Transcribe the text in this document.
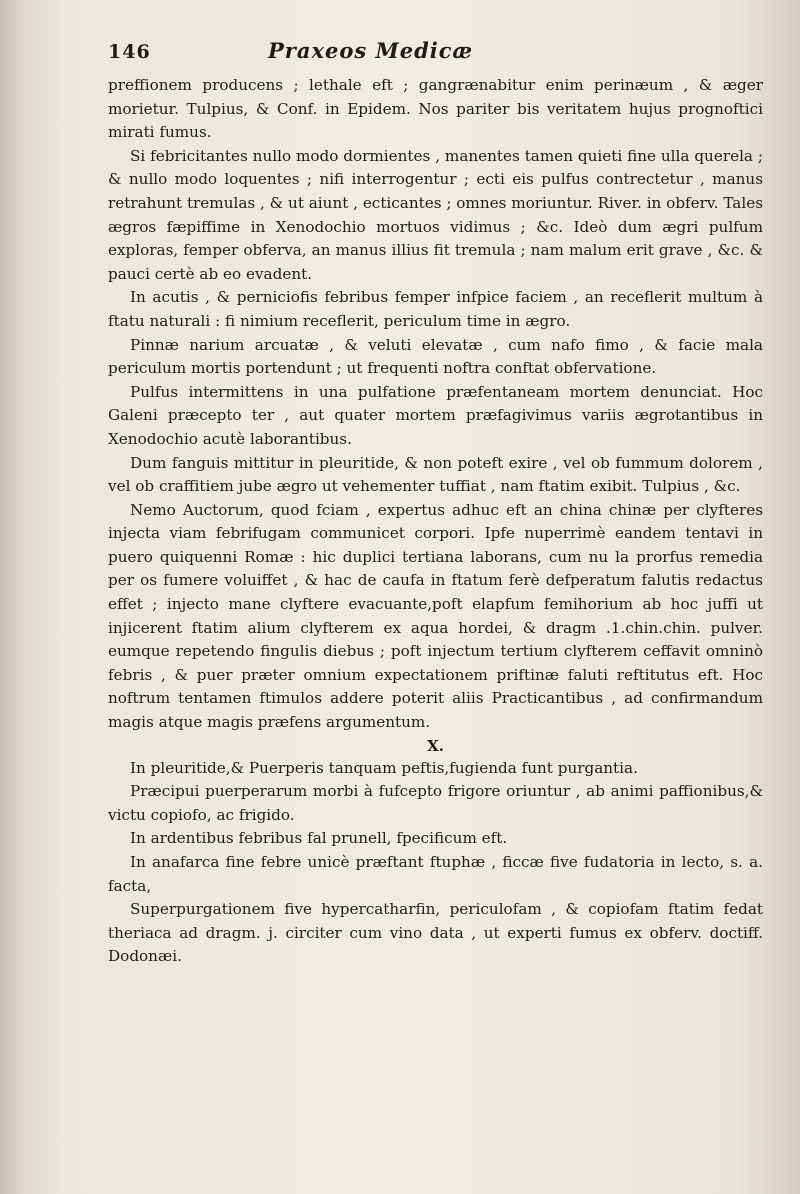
146	Praxeos Medicæ

preffionem producens ; lethale eft ; gangrænabitur enim perinæum , & æger morietur. Tulpius, & Conf. in Epidem. Nos pariter bis veritatem hujus prognoftici mirati fumus.

Si febricitantes nullo modo dormientes , manentes tamen quieti fine ulla querela ; & nullo modo loquentes ; nifi interrogentur ; ecti eis pulfus contrectetur , manus retrahunt tremulas , & ut aiunt , ecticantes ; omnes moriuntur. River. in obferv. Tales ægros fæpiffime in Xenodochio mortuos vidimus ; &c. Ideò dum ægri pulfum exploras, femper obferva, an manus illius fit tremula ; nam malum erit grave , &c. & pauci certè ab eo evadent.

In acutis , & perniciofis febribus femper infpice faciem , an receflerit multum à ftatu naturali : fi nimium receflerit, periculum time in ægro.

Pinnæ narium arcuatæ , & veluti elevatæ , cum nafo fimo , & facie mala periculum mortis portendunt ; ut frequenti noftra conftat obfervatione.

Pulfus intermittens in una pulfatione præfentaneam mortem denunciat. Hoc Galeni præcepto ter , aut quater mortem præfagivimus variis ægrotantibus in Xenodochio acutè laborantibus.

Dum fanguis mittitur in pleuritide, & non poteft exire , vel ob fummum dolorem , vel ob craffitiem jube ægro ut vehementer tuffiat , nam ftatim exibit. Tulpius , &c.

Nemo Auctorum, quod fciam , expertus adhuc eft an china chinæ per clyfteres injecta viam febrifugam communicet corpori. Ipfe nuperrimè eandem tentavi in puero quiquenni Romæ : hic duplici tertiana laborans, cum nu la prorfus remedia per os fumere voluiffet , & hac de caufa in ftatum ferè defperatum falutis redactus effet ; injecto mane clyftere evacuante,poft elapfum femihorium ab hoc juffi ut injicerent ftatim alium clyfterem ex aqua hordei, & dragm .1.chin.chin. pulver. eumque repetendo fingulis diebus ; poft injectum tertium clyfterem ceffavit omninò febris , & puer præter omnium expectationem priftinæ faluti reftitutus eft. Hoc noftrum tentamen ftimulos addere poterit aliis Practicantibus , ad confirmandum magis atque magis præfens argumentum.

X.

In pleuritide,& Puerperis tanquam peftis,fugienda funt purgantia.

Præcipui puerperarum morbi à fufcepto frigore oriuntur , ab animi paffionibus,& victu copiofo, ac frigido.

In ardentibus febribus fal prunell, fpecificum eft.

In anafarca fine febre unicè præftant ftuphæ , ficcæ five fudatoria in lecto, s. a. facta,

Superpurgationem five hypercatharfin, periculofam , & copiofam ftatim fedat theriaca ad dragm. j. circiter cum vino data , ut experti fumus ex obferv. doctiff. Dodonæi.
